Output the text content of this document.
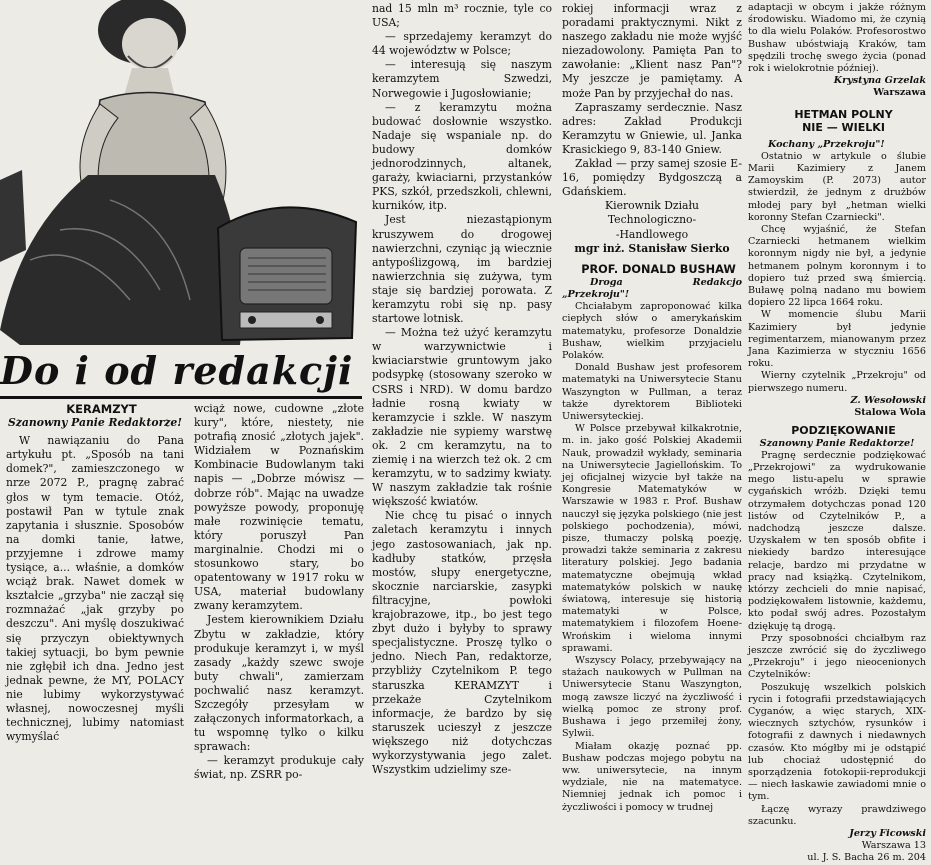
Do i od redakcji

KERAMZYT

Szanowny Panie Redaktorze!

W nawiązaniu do Pana artykułu pt. „Sposób na tani domek?", zamieszczonego w nrze 2072 P., pragnę zabrać głos w tym temacie. Otóż, postawił Pan w tytule znak zapytania i słusznie. Sposobów na domki tanie, łatwe, przyjemne i zdrowe mamy tysiące, a... właśnie, a domków wciąż brak. Nawet domek w kształcie „grzyba" nie zaczął się rozmnażać „jak grzyby po deszczu". Ani myślę doszukiwać się przyczyn obiektywnych takiej sytuacji, bo bym pewnie nie zgłębił ich dna. Jedno jest jednak pewne, że MY, POLACY nie lubimy wykorzystywać własnej, nowoczesnej myśli technicznej, lubimy natomiast wymyślać

wciąż nowe, cudowne „złote kury", które, niestety, nie potrafią znosić „złotych jajek". Widziałem w Poznańskim Kombinacie Budowlanym taki napis — „Dobrze mówisz — dobrze rób". Mając na uwadze powyższe powody, proponuję małe rozwinięcie tematu, który poruszył Pan marginalnie. Chodzi mi o stosunkowo stary, bo opatentowany w 1917 roku w USA, materiał budowlany zwany keramzytem.

Jestem kierownikiem Działu Zbytu w zakładzie, który produkuje keramzyt i, w myśl zasady „każdy szewc swoje buty chwali", zamierzam pochwalić nasz keramzyt. Szczegóły przesyłam w załączonych informatorkach, a tu wspomnę tylko o kilku sprawach:

— keramzyt produkuje cały świat, np. ZSRR po-

nad 15 mln m³ rocznie, tyle co USA;

— sprzedajemy keramzyt do 44 województw w Polsce;

— interesują się naszym keramzytem Szwedzi, Norwegowie i Jugosłowianie;

— z keramzytu można budować dosłownie wszystko. Nadaje się wspaniale np. do budowy domków jednorodzinnych, altanek, garaży, kwiaciarni, przystanków PKS, szkół, przedszkoli, chlewni, kurników, itp.

Jest niezastąpionym kruszywem do drogowej nawierzchni, czyniąc ją wiecznie antypoślizgową, im bardziej nawierzchnia się zużywa, tym staje się bardziej porowata. Z keramzytu robi się np. pasy startowe lotnisk.

— Można też użyć keramzytu w warzywnictwie i kwiaciarstwie gruntowym jako podsypkę (stosowany szeroko w CSRS i NRD). W domu bardzo ładnie rosną kwiaty w keramzycie i szkle. W naszym zakładzie nie sypiemy warstwę ok. 2 cm keramzytu, na to ziemię i na wierzch też ok. 2 cm keramzytu, w to sadzimy kwiaty. W naszym zakładzie tak rośnie większość kwiatów.

Nie chcę tu pisać o innych zaletach keramzytu i innych jego zastosowaniach, jak np. kadłuby statków, przęsła mostów, słupy energetyczne, skocznie narciarskie, zasypki filtracyjne, powłoki krajobrazowe, itp., bo jest tego zbyt dużo i byłyby to sprawy specjalistyczne. Proszę tylko o jedno. Niech Pan, redaktorze, przybliży Czytelnikom P. tego staruszka KERAMZYT i przekaże Czytelnikom informacje, że bardzo by się staruszek ucieszył z jeszcze większego niż dotychczas wykorzystywania jego zalet. Wszystkim udzielimy sze-

rokiej informacji wraz z poradami praktycznymi. Nikt z naszego zakładu nie może wyjść niezadowolony. Pamięta Pan to zawołanie: „Klient nasz Pan"? My jeszcze je pamiętamy. A może Pan by przyjechał do nas.

Zapraszamy serdecznie. Nasz adres: Zakład Produkcji Keramzytu w Gniewie, ul. Janka Krasickiego 9, 83-140 Gniew.

Zakład — przy samej szosie E-16, pomiędzy Bydgoszczą a Gdańskiem.

Kierownik Działu

Technologiczno-

-Handlowego

mgr inż. Stanisław Sierko

PROF. DONALD BUSHAW

Droga Redakcjo „Przekroju"!

Chciałabym zaproponować kilka ciepłych słów o amerykańskim matematyku, profesorze Donaldzie Bushaw, wielkim przyjacielu Polaków.

Donald Bushaw jest profesorem matematyki na Uniwersytecie Stanu Waszyngton w Pullman, a teraz także dyrektorem Biblioteki Uniwersyteckiej.

W Polsce przebywał kilkakrotnie, m. in. jako gość Polskiej Akademii Nauk, prowadził wykłady, seminaria na Uniwersytecie Jagiellońskim. To jej oficjalnej wizycie był także na Kongresie Matematyków w Warszawie w 1983 r. Prof. Bushaw nauczył się języka polskiego (nie jest polskiego pochodzenia), mówi, pisze, tłumaczy polską poezję, prowadzi także seminaria z zakresu literatury polskiej. Jego badania matematyczne obejmują wkład matematyków polskich w naukę światową, interesuje się historią matematyki w Polsce, matematykiem i filozofem Hoene-Wrońskim i wieloma innymi sprawami.

Wszyscy Polacy, przebywający na stażach naukowych w Pullman na Uniwersytecie Stanu Waszyngton, mogą zawsze liczyć na życzliwość i wielką pomoc ze strony prof. Bushawa i jego przemiłej żony, Sylwii.

Miałam okazję poznać pp. Bushaw podczas mojego pobytu na ww. uniwersytecie, na innym wydziale, nie na matematyce. Niemniej jednak ich pomoc i życzliwości i pomocy w trudnej

adaptacji w obcym i jakże różnym środowisku. Wiadomo mi, że czynią to dla wielu Polaków. Profesorostwo Bushaw ubóstwiają Kraków, tam spędzili trochę swego życia (ponad rok i wielokrotnie później).

Krystyna Grzelak

Warszawa

HETMAN POLNY

NIE — WIELKI

Kochany „Przekroju"!

Ostatnio w artykule o ślubie Marii Kazimiery z Janem Zamoyskim (P. 2073) autor stwierdził, że jednym z drużbów młodej pary był „hetman wielki koronny Stefan Czarniecki".

Chcę wyjaśnić, że Stefan Czarniecki hetmanem wielkim koronnym nigdy nie był, a jedynie hetmanem polnym koronnym i to dopiero tuż przed swą śmiercią. Buławę polną nadano mu bowiem dopiero 22 lipca 1664 roku.

W momencie ślubu Marii Kazimiery był jedynie regimentarzem, mianowanym przez Jana Kazimierza w styczniu 1656 roku.

Wierny czytelnik „Przekroju" od pierwszego numeru.

Z. Wesołowski

Stalowa Wola

PODZIĘKOWANIE

Szanowny Panie Redaktorze!

Pragnę serdecznie podziękować „Przekrojowi" za wydrukowanie mego listu-apelu w sprawie cygańskich wróżb. Dzięki temu otrzymałem dotychczas ponad 120 listów od Czytelników P., a nadchodzą jeszcze dalsze. Uzyskałem w ten sposób obfite i niekiedy bardzo interesujące relacje, bardzo mi przydatne w pracy nad książką. Czytelnikom, którzy zechcieli do mnie napisać, podziękowałem listownie, każdemu, kto podał swój adres. Pozostałym dziękuję tą drogą.

Przy sposobności chciałbym raz jeszcze zwrócić się do życzliwego „Przekroju" i jego nieocenionych Czytelników:

Poszukuję wszelkich polskich rycin i fotografii przedstawiających Cyganów, a więc starych, XIX-wiecznych sztychów, rysunków i fotografii z dawnych i niedawnych czasów. Kto mógłby mi je odstąpić lub chociaż udostępnić do sporządzenia fotokopii-reprodukcji — niech łaskawie zawiadomi mnie o tym.

Łączę wyrazy prawdziwego szacunku.

Jerzy Ficowski

Warszawa 13

ul. J. S. Bacha 26 m. 204
